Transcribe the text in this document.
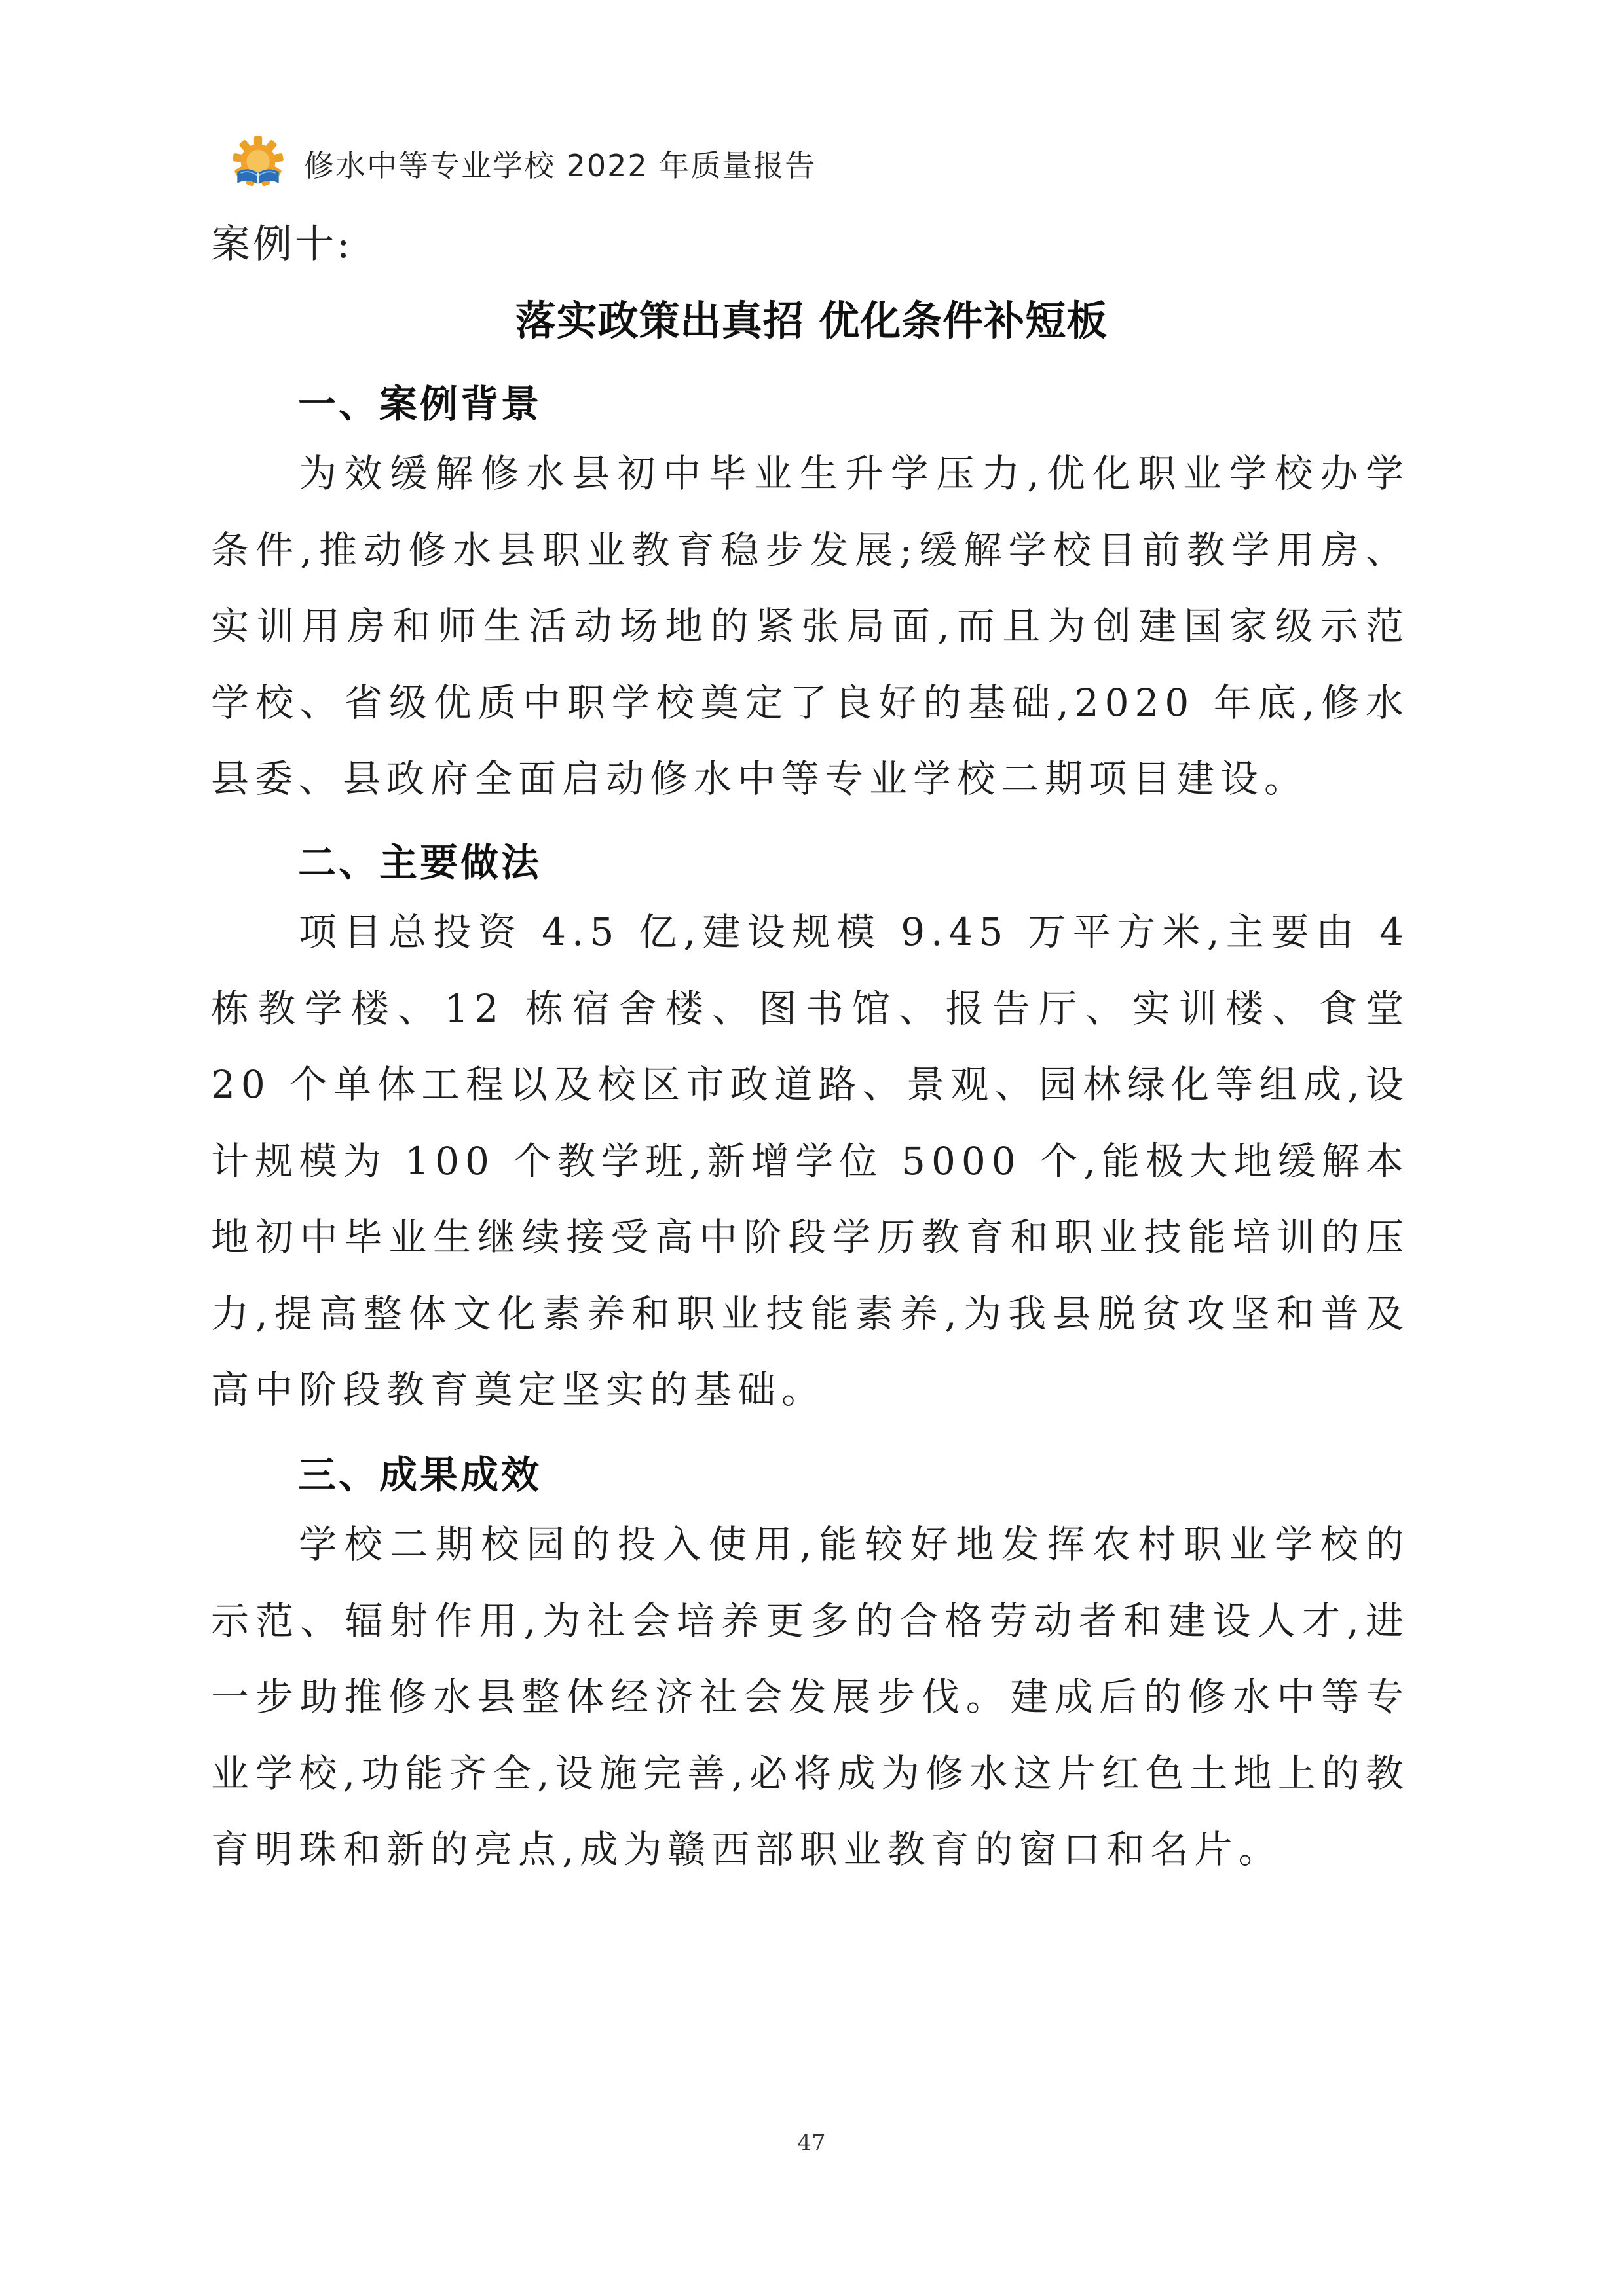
修水中等专业学校 2022 年质量报告

案例十:

落实政策出真招 优化条件补短板
一、案例背景

为效缓解修水县初中毕业生升学压力,优化职业学校办学条件,推动修水县职业教育稳步发展;缓解学校目前教学用房、实训用房和师生活动场地的紧张局面,而且为创建国家级示范学校、省级优质中职学校奠定了良好的基础,2020 年底,修水县委、县政府全面启动修水中等专业学校二期项目建设。

二、主要做法

项目总投资 4.5 亿,建设规模 9.45 万平方米,主要由 4 栋教学楼、12 栋宿舍楼、图书馆、报告厅、实训楼、食堂 20 个单体工程以及校区市政道路、景观、园林绿化等组成,设计规模为 100 个教学班,新增学位 5000 个,能极大地缓解本地初中毕业生继续接受高中阶段学历教育和职业技能培训的压力,提高整体文化素养和职业技能素养,为我县脱贫攻坚和普及高中阶段教育奠定坚实的基础。

三、成果成效

学校二期校园的投入使用,能较好地发挥农村职业学校的示范、辐射作用,为社会培养更多的合格劳动者和建设人才,进一步助推修水县整体经济社会发展步伐。建成后的修水中等专业学校,功能齐全,设施完善,必将成为修水这片红色土地上的教育明珠和新的亮点,成为赣西部职业教育的窗口和名片。

47
